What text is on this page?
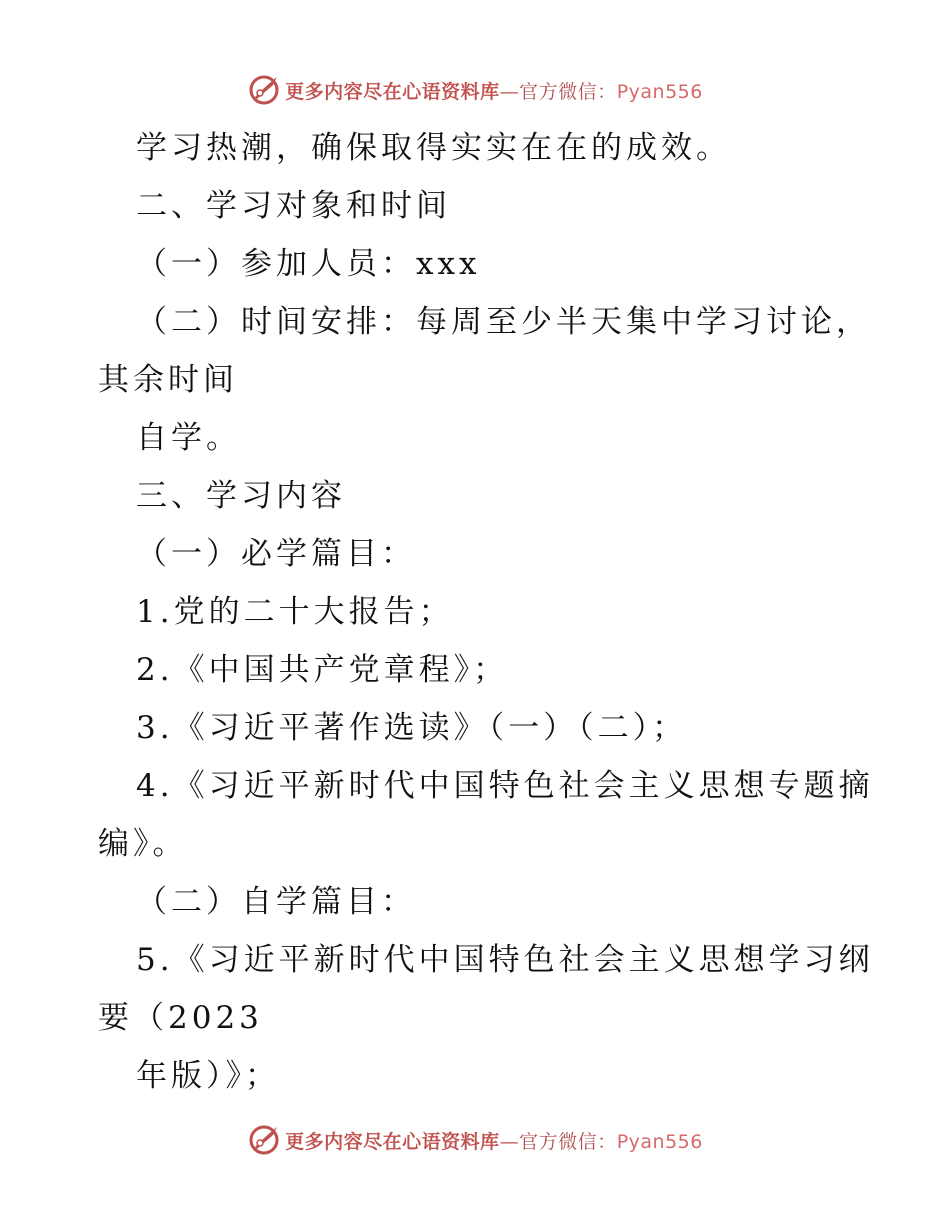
更多内容尽在心语资料库—官方微信：Pyan556
学习热潮，确保取得实实在在的成效。
二、学习对象和时间
（一）参加人员：xxx
（二）时间安排：每周至少半天集中学习讨论，
其余时间
自学。
三、学习内容
（一）必学篇目：
1.党的二十大报告；
2.《中国共产党章程》；
3.《习近平著作选读》（一）（二）；
4.《习近平新时代中国特色社会主义思想专题摘
编》。
（二）自学篇目：
5.《习近平新时代中国特色社会主义思想学习纲
要（2023
年版）》；
更多内容尽在心语资料库—官方微信：Pyan556
